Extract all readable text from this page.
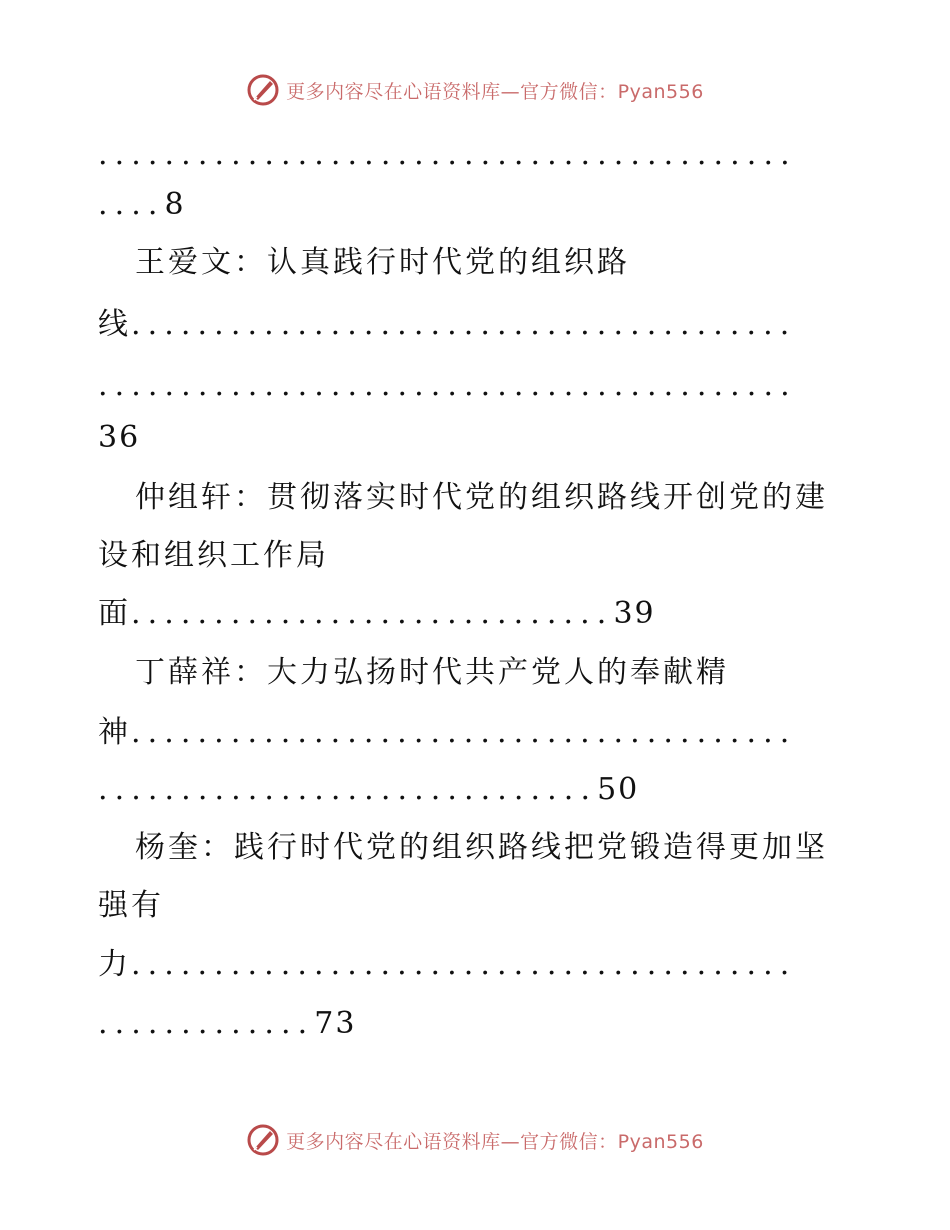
更多内容尽在心语资料库—官方微信：Pyan556
..........................................
....8
王爱文：认真践行时代党的组织路
线........................................
..........................................
36
仲组轩：贯彻落实时代党的组织路线开创党的建
设和组织工作局
面.............................39
丁薛祥：大力弘扬时代共产党人的奉献精
神........................................
..............................50
杨奎：践行时代党的组织路线把党锻造得更加坚
强有
力........................................
.............73
更多内容尽在心语资料库—官方微信：Pyan556
